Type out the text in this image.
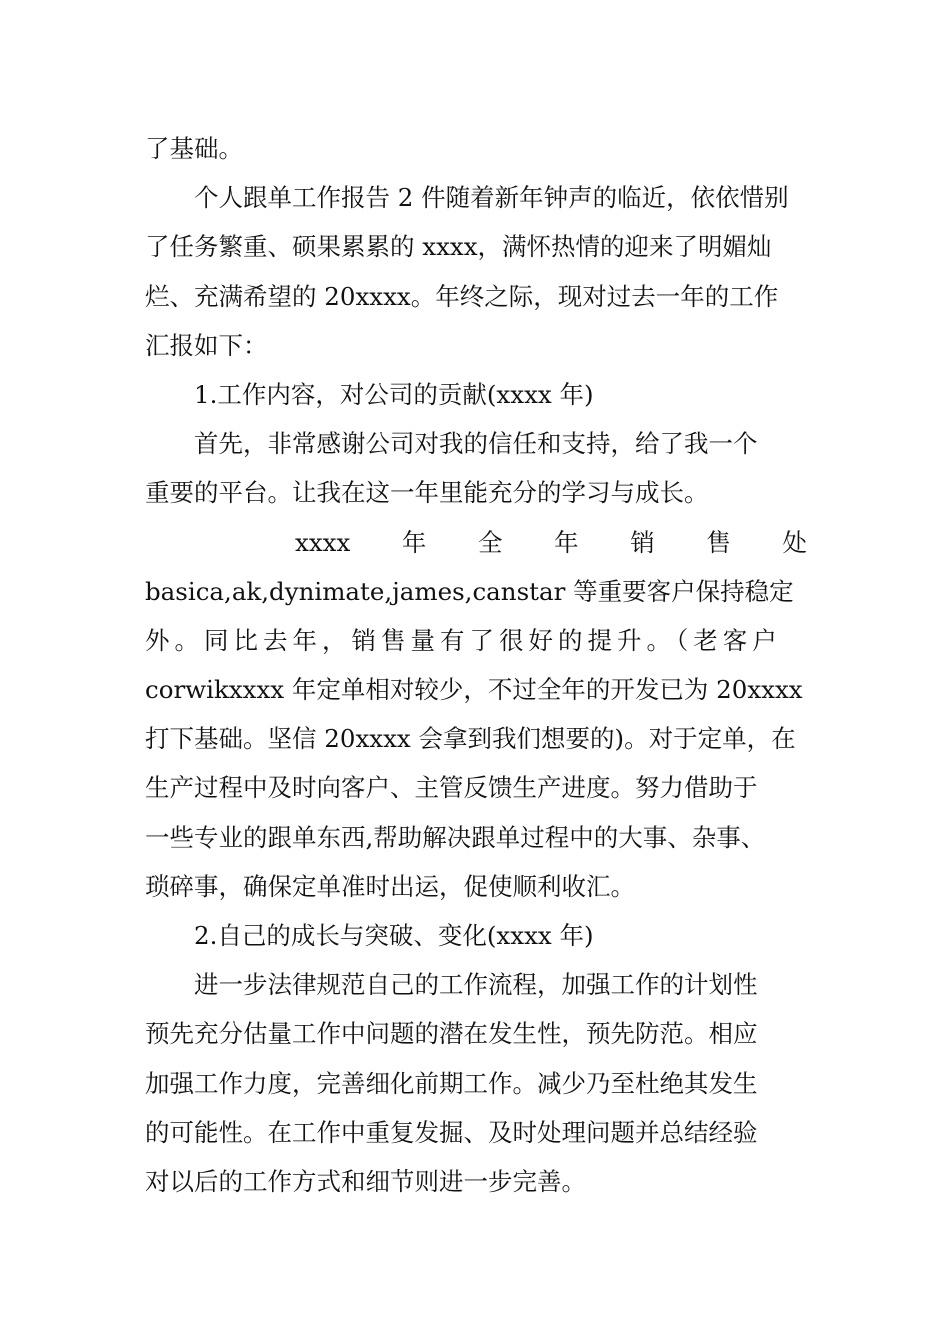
了基础。

个人跟单工作报告 2 件随着新年钟声的临近，依依惜别

了任务繁重、硕果累累的 xxxx，满怀热情的迎来了明媚灿

烂、充满希望的 20xxxx。年终之际，现对过去一年的工作

汇报如下：

1.工作内容，对公司的贡献(xxxx 年)

首先，非常感谢公司对我的信任和支持，给了我一个

重要的平台。让我在这一年里能充分的学习与成长。

xxxx 年 全 年 销 售 处

basica,ak,dynimate,james,canstar 等重要客户保持稳定

外。同比去年，销售量有了很好的提升。（老客户

corwikxxxx 年定单相对较少，不过全年的开发已为 20xxxx

打下基础。坚信 20xxxx 会拿到我们想要的)。对于定单，在

生产过程中及时向客户、主管反馈生产进度。努力借助于

一些专业的跟单东西,帮助解决跟单过程中的大事、杂事、

琐碎事，确保定单准时出运，促使顺利收汇。

2.自己的成长与突破、变化(xxxx 年)

进一步法律规范自己的工作流程，加强工作的计划性

预先充分估量工作中问题的潜在发生性，预先防范。相应

加强工作力度，完善细化前期工作。减少乃至杜绝其发生

的可能性。在工作中重复发掘、及时处理问题并总结经验

对以后的工作方式和细节则进一步完善。
